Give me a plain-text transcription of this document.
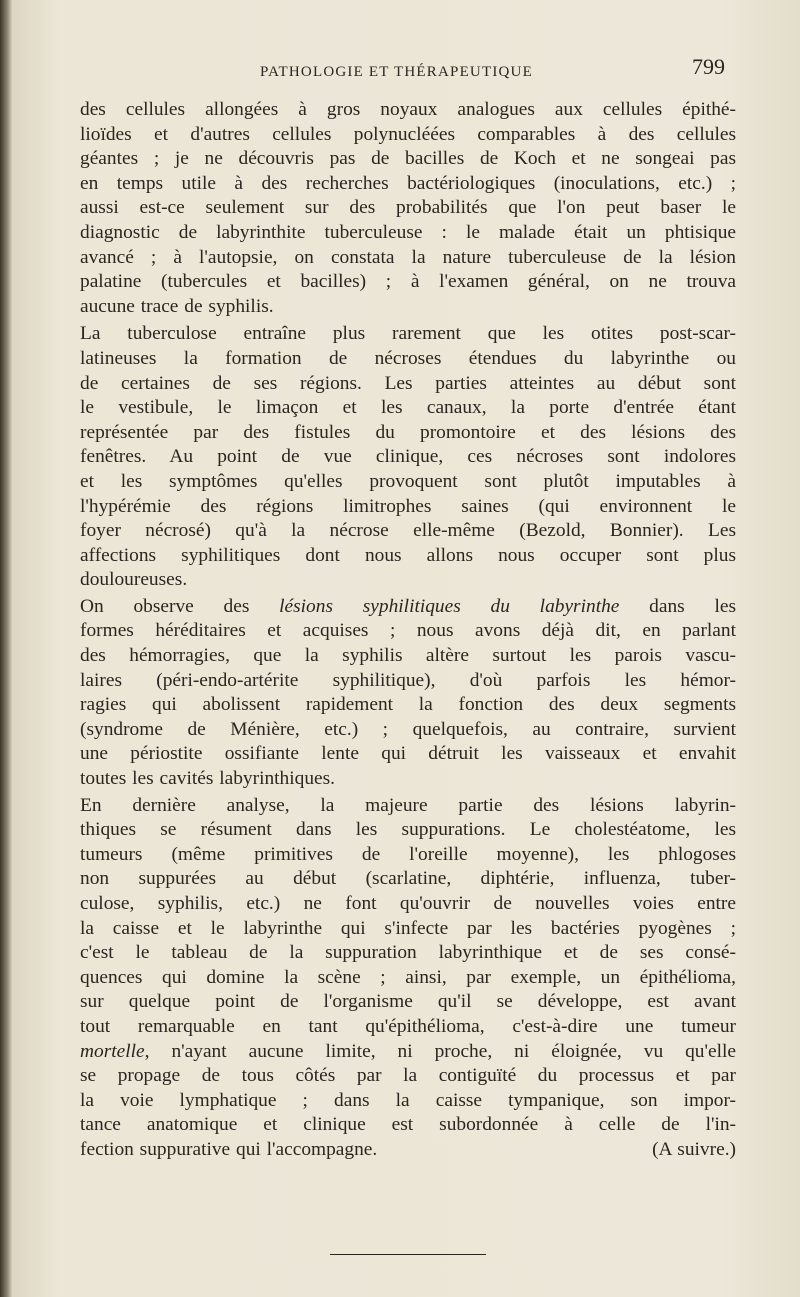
PATHOLOGIE ET THÉRAPEUTIQUE	799

des cellules allongées à gros noyaux analogues aux cellules épithé-
lioïdes et d'autres cellules polynucléées comparables à des cellules
géantes ; je ne découvris pas de bacilles de Koch et ne songeai pas
en temps utile à des recherches bactériologiques (inoculations, etc.) ;
aussi est-ce seulement sur des probabilités que l'on peut baser le
diagnostic de labyrinthite tuberculeuse : le malade était un phtisique
avancé ; à l'autopsie, on constata la nature tuberculeuse de la lésion
palatine (tubercules et bacilles) ; à l'examen général, on ne trouva
aucune trace de syphilis.

La tuberculose entraîne plus rarement que les otites post-scar-
latineuses la formation de nécroses étendues du labyrinthe ou
de certaines de ses régions. Les parties atteintes au début sont
le vestibule, le limaçon et les canaux, la porte d'entrée étant
représentée par des fistules du promontoire et des lésions des
fenêtres. Au point de vue clinique, ces nécroses sont indolores
et les symptômes qu'elles provoquent sont plutôt imputables à
l'hypérémie des régions limitrophes saines (qui environnent le
foyer nécrosé) qu'à la nécrose elle-même (Bezold, Bonnier). Les
affections syphilitiques dont nous allons nous occuper sont plus
douloureuses.

On observe des lésions syphilitiques du labyrinthe dans les
formes héréditaires et acquises ; nous avons déjà dit, en parlant
des hémorragies, que la syphilis altère surtout les parois vascu-
laires (péri-endo-artérite syphilitique), d'où parfois les hémor-
ragies qui abolissent rapidement la fonction des deux segments
(syndrome de Ménière, etc.) ; quelquefois, au contraire, survient
une périostite ossifiante lente qui détruit les vaisseaux et envahit
toutes les cavités labyrinthiques.

En dernière analyse, la majeure partie des lésions labyrin-
thiques se résument dans les suppurations. Le cholestéatome, les
tumeurs (même primitives de l'oreille moyenne), les phlogoses
non suppurées au début (scarlatine, diphtérie, influenza, tuber-
culose, syphilis, etc.) ne font qu'ouvrir de nouvelles voies entre
la caisse et le labyrinthe qui s'infecte par les bactéries pyogènes ;
c'est le tableau de la suppuration labyrinthique et de ses consé-
quences qui domine la scène ; ainsi, par exemple, un épithélioma,
sur quelque point de l'organisme qu'il se développe, est avant
tout remarquable en tant qu'épithélioma, c'est-à-dire une tumeur
mortelle, n'ayant aucune limite, ni proche, ni éloignée, vu qu'elle
se propage de tous côtés par la contiguïté du processus et par
la voie lymphatique ; dans la caisse tympanique, son impor-
tance anatomique et clinique est subordonnée à celle de l'in-
fection suppurative qui l'accompagne.	(A suivre.)
